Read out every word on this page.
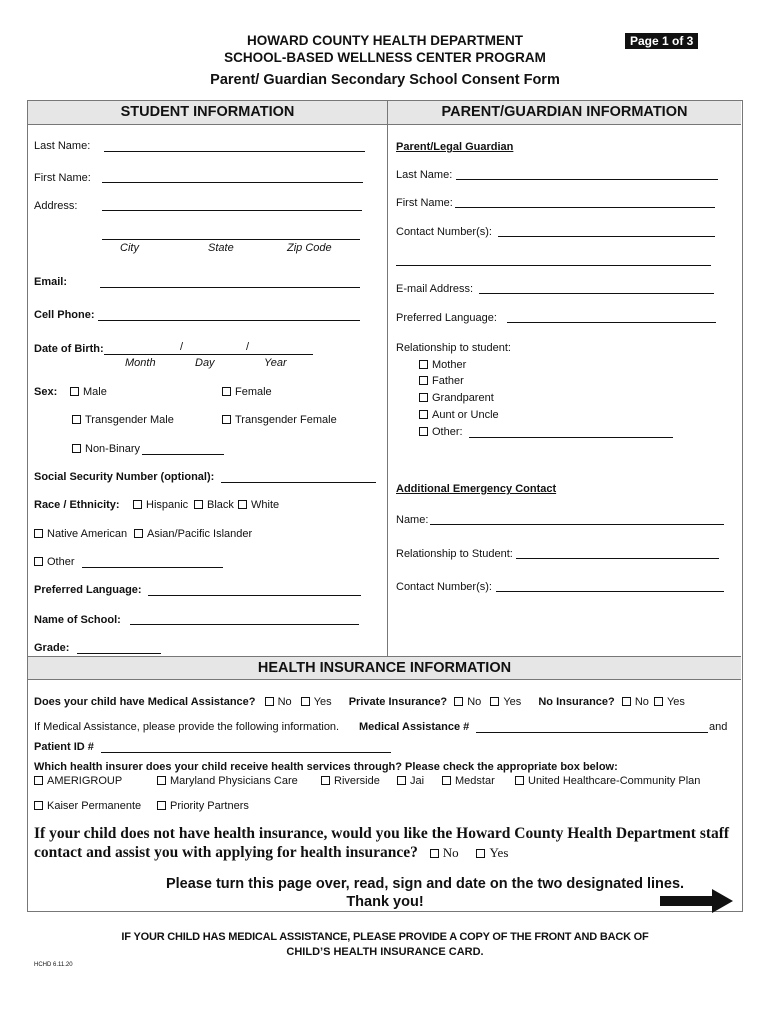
HOWARD COUNTY HEALTH DEPARTMENT
SCHOOL-BASED WELLNESS CENTER PROGRAM
Parent/ Guardian Secondary School Consent Form
Page 1 of 3
STUDENT INFORMATION	PARENT/GUARDIAN INFORMATION
Last Name:
First Name:
Address:
City	State	Zip Code
Email:
Cell Phone:
Date of Birth:	/	/
Month	Day	Year
Sex:	Male	Female
Transgender Male	Transgender Female
Non-Binary
Social Security Number (optional):
Race / Ethnicity:	Hispanic	Black	White
Native American	Asian/Pacific Islander
Other
Preferred Language:
Name of School:
Grade:
Parent/Legal Guardian
Last Name:
First Name:
Contact Number(s):
E-mail Address:
Preferred Language:
Relationship to student:
Mother
Father
Grandparent
Aunt or Uncle
Other:
Additional Emergency Contact
Name:
Relationship to Student:
Contact Number(s):
HEALTH INSURANCE INFORMATION
Does your child have Medical Assistance? No Yes Private Insurance? No Yes No Insurance? No Yes
If Medical Assistance, please provide the following information. Medical Assistance #	and
Patient ID #
Which health insurer does your child receive health services through? Please check the appropriate box below:
AMERIGROUP	Maryland Physicians Care	Riverside	Jai	Medstar	United Healthcare-Community Plan
Kaiser Permanente	Priority Partners
If your child does not have health insurance, would you like the Howard County Health Department staff
contact and assist you with applying for health insurance? No Yes
Please turn this page over, read, sign and date on the two designated lines.
Thank you!
IF YOUR CHILD HAS MEDICAL ASSISTANCE, PLEASE PROVIDE A COPY OF THE FRONT AND BACK OF
CHILD’S HEALTH INSURANCE CARD.
HCHD 6.11.20
